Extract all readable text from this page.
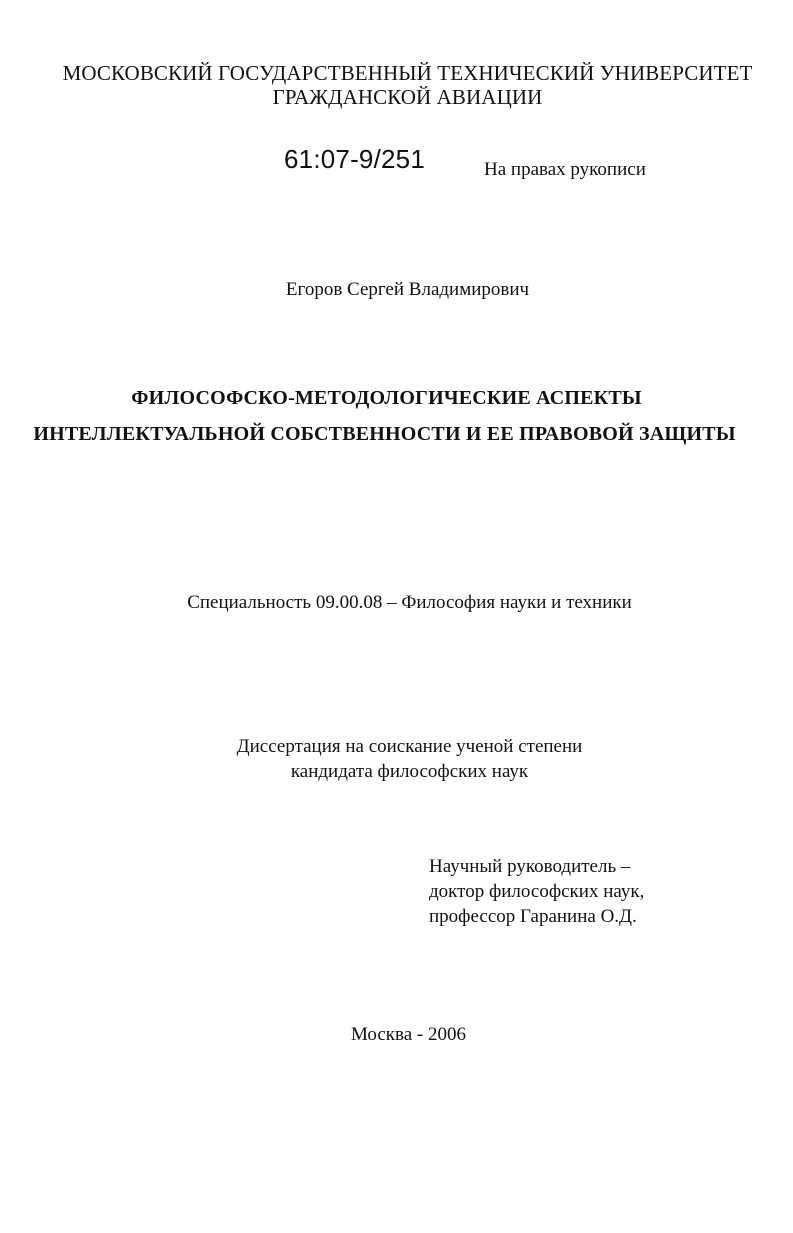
МОСКОВСКИЙ ГОСУДАРСТВЕННЫЙ ТЕХНИЧЕСКИЙ УНИВЕРСИТЕТ
ГРАЖДАНСКОЙ АВИАЦИИ
61:07-9/251	На правах рукописи
Егоров Сергей Владимирович
ФИЛОСОФСКО-МЕТОДОЛОГИЧЕСКИЕ АСПЕКТЫ
ИНТЕЛЛЕКТУАЛЬНОЙ СОБСТВЕННОСТИ И ЕЕ ПРАВОВОЙ ЗАЩИТЫ
Специальность 09.00.08 – Философия науки и техники
Диссертация на соискание ученой степени
кандидата философских наук
Научный руководитель –
доктор философских наук,
профессор Гаранина О.Д.
Москва - 2006
